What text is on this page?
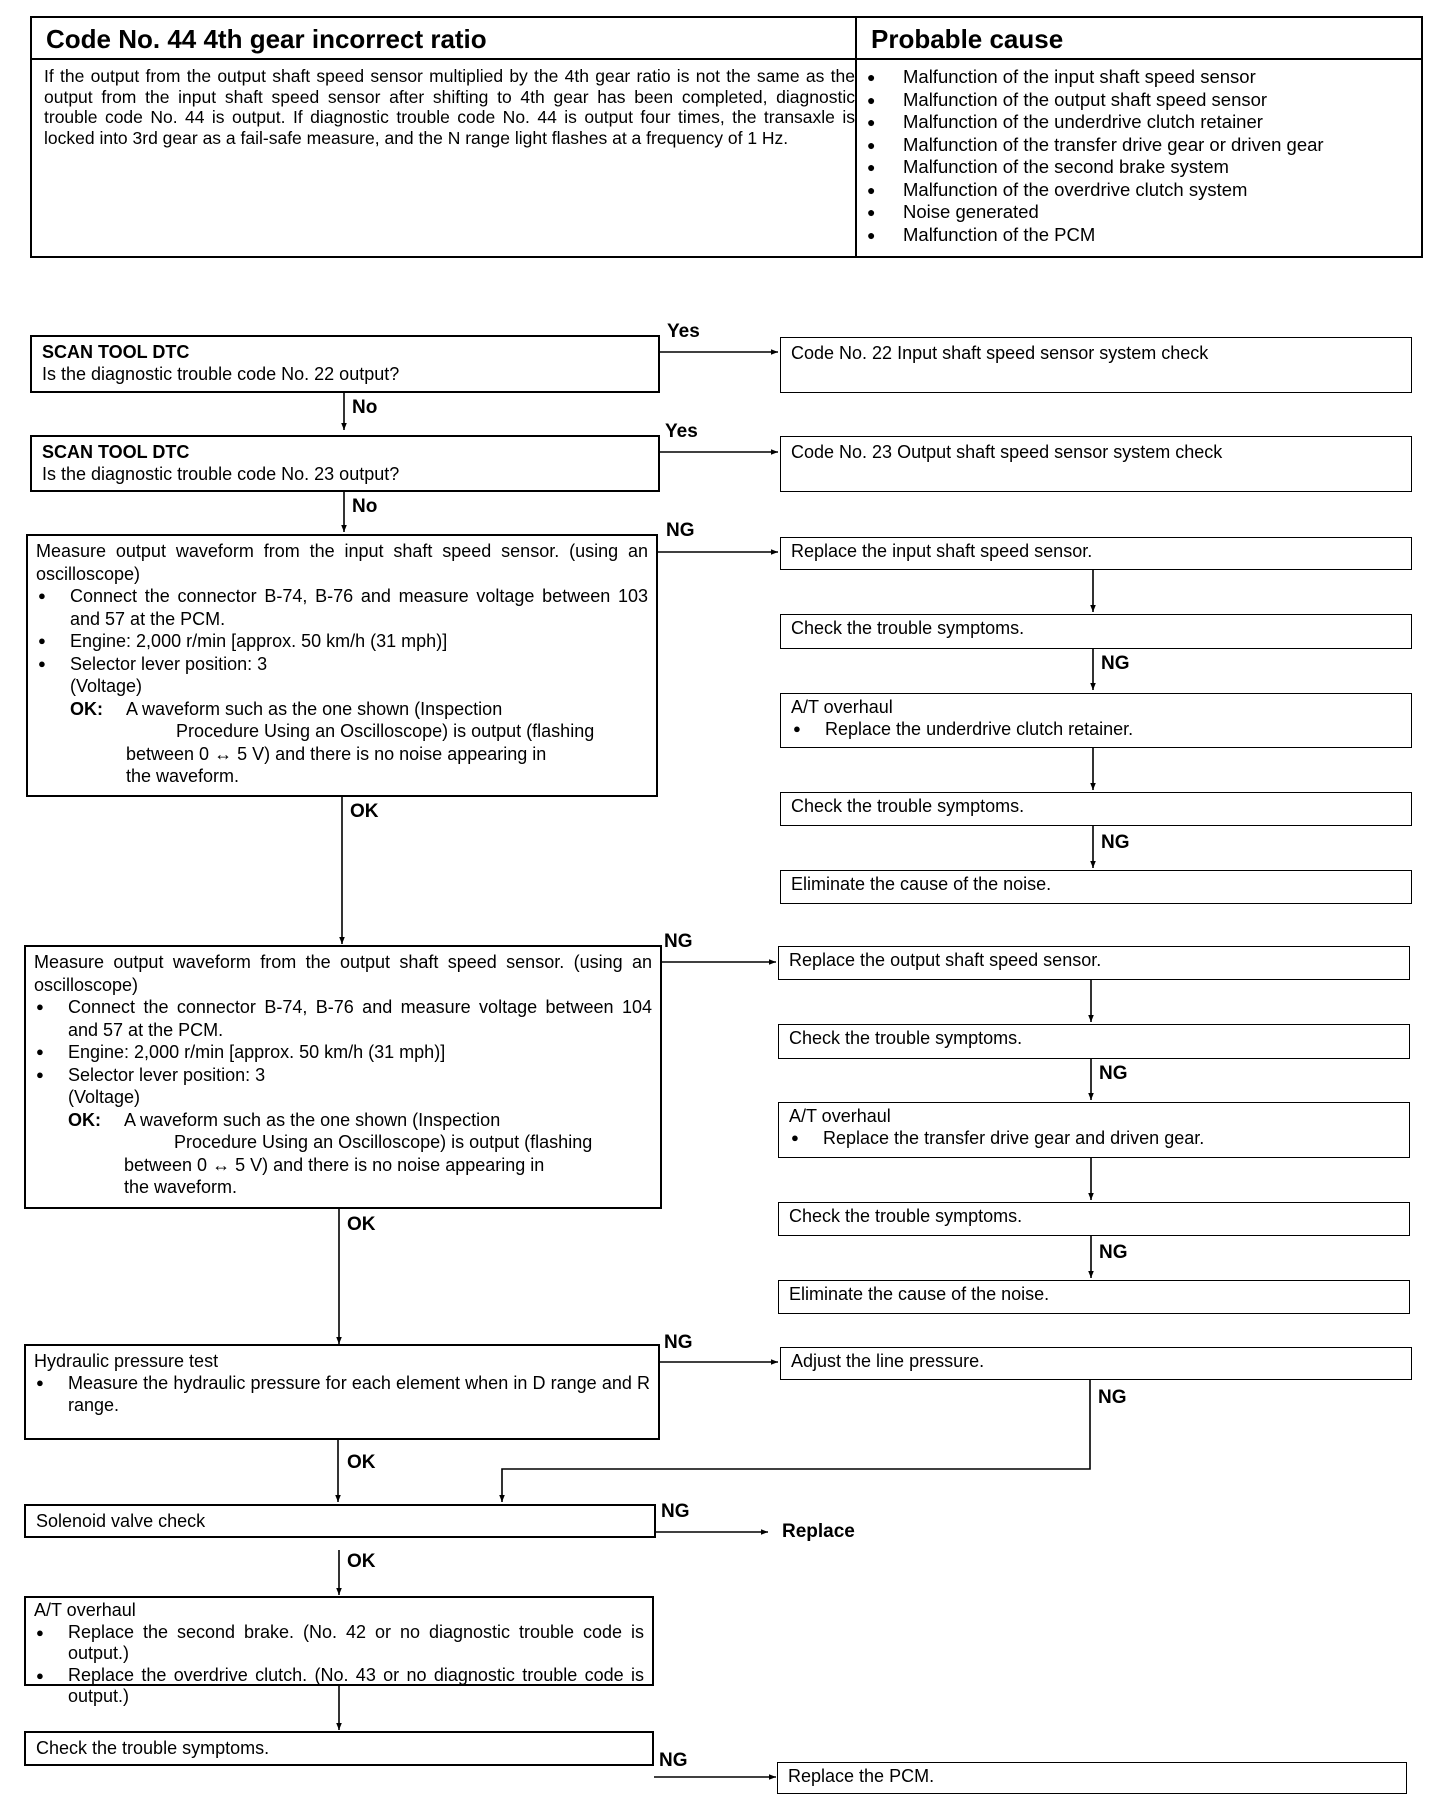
Code No. 44 4th gear incorrect ratio
If the output from the output shaft speed sensor multiplied by the 4th gear ratio is not the same as the output from the input shaft speed sensor after shifting to 4th gear has been completed, diagnostic trouble code No. 44 is output. If diagnostic trouble code No. 44 is output four times, the transaxle is locked into 3rd gear as a fail-safe measure, and the N range light flashes at a frequency of 1 Hz.
Probable cause
● Malfunction of the input shaft speed sensor
● Malfunction of the output shaft speed sensor
● Malfunction of the underdrive clutch retainer
● Malfunction of the transfer drive gear or driven gear
● Malfunction of the second brake system
● Malfunction of the overdrive clutch system
● Noise generated
● Malfunction of the PCM
SCAN TOOL DTC
Is the diagnostic trouble code No. 22 output?
Yes
No
Code No. 22 Input shaft speed sensor system check
SCAN TOOL DTC
Is the diagnostic trouble code No. 23 output?
Yes
No
Code No. 23 Output shaft speed sensor system check
Measure output waveform from the input shaft speed sensor. (using an oscilloscope)
● Connect the connector B-74, B-76 and measure voltage between 103 and 57 at the PCM.
● Engine: 2,000 r/min [approx. 50 km/h (31 mph)]
● Selector lever position: 3
(Voltage)
OK: A waveform such as the one shown (Inspection
Procedure Using an Oscilloscope) is output (flashing
between 0 ↔ 5 V) and there is no noise appearing in
the waveform.
NG
OK
Replace the input shaft speed sensor.
Check the trouble symptoms.
NG
A/T overhaul
● Replace the underdrive clutch retainer.
Check the trouble symptoms.
NG
Eliminate the cause of the noise.
Measure output waveform from the output shaft speed sensor. (using an oscilloscope)
● Connect the connector B-74, B-76 and measure voltage between 104 and 57 at the PCM.
● Engine: 2,000 r/min [approx. 50 km/h (31 mph)]
● Selector lever position: 3
(Voltage)
OK: A waveform such as the one shown (Inspection
Procedure Using an Oscilloscope) is output (flashing
between 0 ↔ 5 V) and there is no noise appearing in
the waveform.
NG
OK
Replace the output shaft speed sensor.
Check the trouble symptoms.
NG
A/T overhaul
● Replace the transfer drive gear and driven gear.
Check the trouble symptoms.
NG
Eliminate the cause of the noise.
Hydraulic pressure test
● Measure the hydraulic pressure for each element when in D range and R range.
NG
OK
Adjust the line pressure.
NG
Solenoid valve check	NG
OK
Replace
A/T overhaul
● Replace the second brake. (No. 42 or no diagnostic trouble code is output.)
● Replace the overdrive clutch. (No. 43 or no diagnostic trouble code is output.)
Check the trouble symptoms.
NG
Replace the PCM.
